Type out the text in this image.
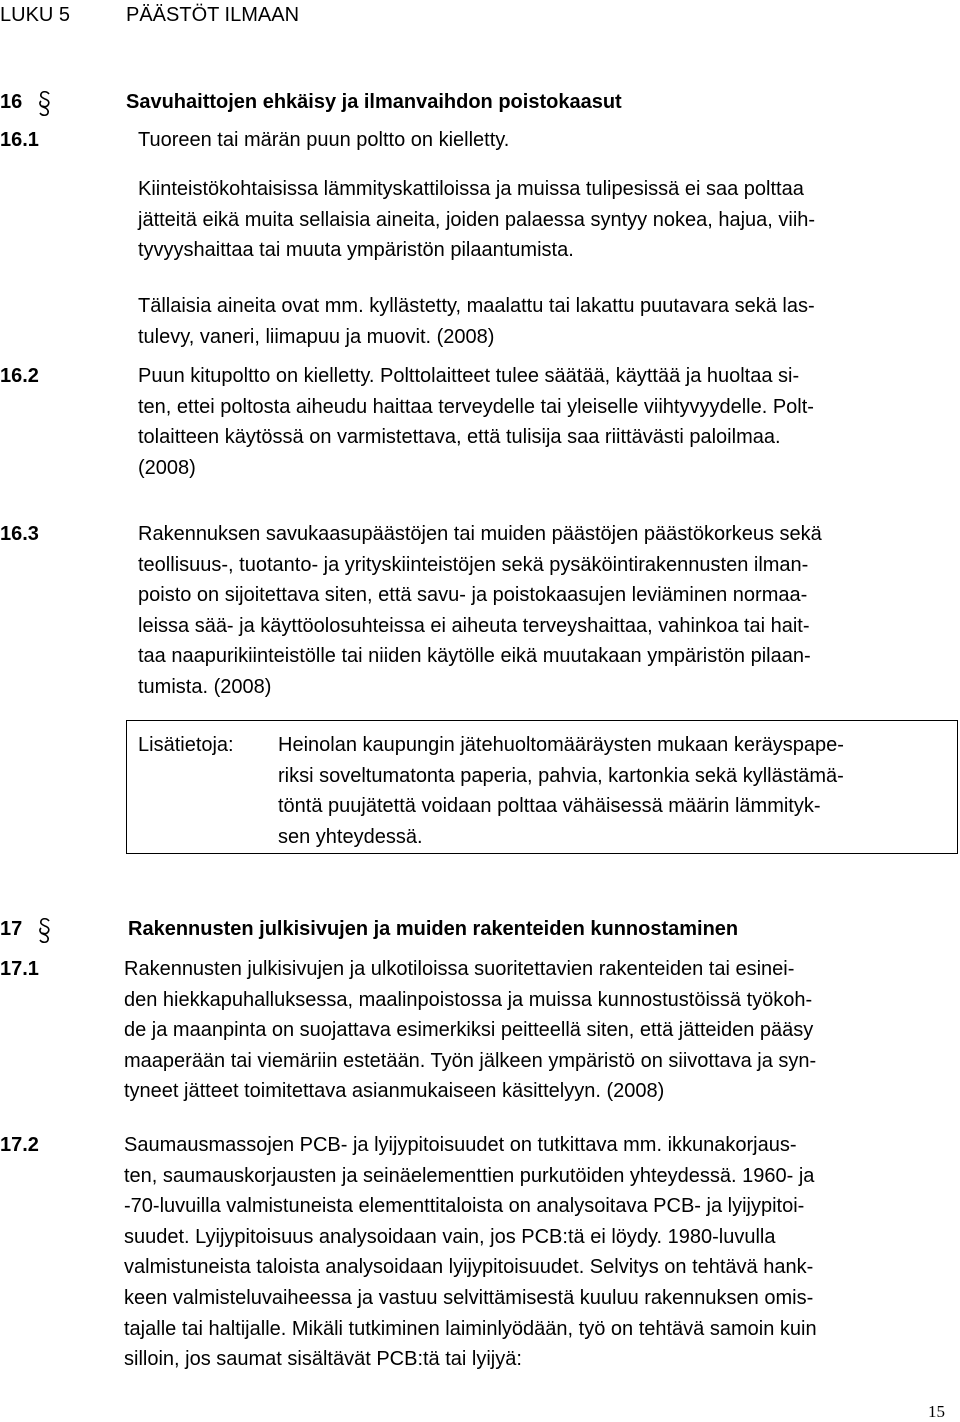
LUKU 5	PÄÄSTÖT ILMAAN
16	Savuhaittojen ehkäisy ja ilmanvaihdon poistokaasut
16.1	Tuoreen tai märän puun poltto on kielletty.
Kiinteistökohtaisissa lämmityskattiloissa ja muissa tulipesissä ei saa polttaa
jätteitä eikä muita sellaisia aineita, joiden palaessa syntyy nokea, hajua, viih-
tyvyyshaittaa tai muuta ympäristön pilaantumista.
Tällaisia aineita ovat mm. kyllästetty, maalattu tai lakattu puutavara sekä las-
tulevy, vaneri, liimapuu ja muovit. (2008)
16.2	Puun kitupoltto on kielletty. Polttolaitteet tulee säätää, käyttää ja huoltaa si-
ten, ettei poltosta aiheudu haittaa terveydelle tai yleiselle viihtyvyydelle. Polt-
tolaitteen käytössä on varmistettava, että tulisija saa riittävästi paloilmaa.
(2008)
16.3	Rakennuksen savukaasupäästöjen tai muiden päästöjen päästökorkeus sekä
teollisuus-, tuotanto- ja yrityskiinteistöjen sekä pysäköintirakennusten ilman-
poisto on sijoitettava siten, että savu- ja poistokaasujen leviäminen normaa-
leissa sää- ja käyttöolosuhteissa ei aiheuta terveyshaittaa, vahinkoa tai hait-
taa naapurikiinteistölle tai niiden käytölle eikä muutakaan ympäristön pilaan-
tumista. (2008)
Lisätietoja: Heinolan kaupungin jätehuoltomääräysten mukaan keräyspape-
riksi soveltumatonta paperia, pahvia, kartonkia sekä kyllästämä-
töntä puujätettä voidaan polttaa vähäisessä määrin lämmityk-
sen yhteydessä.
17	Rakennusten julkisivujen ja muiden rakenteiden kunnostaminen
17.1	Rakennusten julkisivujen ja ulkotiloissa suoritettavien rakenteiden tai esinei-
den hiekkapuhalluksessa, maalinpoistossa ja muissa kunnostustöissä työkoh-
de ja maanpinta on suojattava esimerkiksi peitteellä siten, että jätteiden pääsy
maaperään tai viemäriin estetään. Työn jälkeen ympäristö on siivottava ja syn-
tyneet jätteet toimitettava asianmukaiseen käsittelyyn. (2008)
17.2	Saumausmassojen PCB- ja lyijypitoisuudet on tutkittava mm. ikkunakorjaus-
ten, saumauskorjausten ja seinäelementtien purkutöiden yhteydessä. 1960- ja
-70-luvuilla valmistuneista elementtitaloista on analysoitava PCB- ja lyijypitoi-
suudet. Lyijypitoisuus analysoidaan vain, jos PCB:tä ei löydy. 1980-luvulla
valmistuneista taloista analysoidaan lyijypitoisuudet. Selvitys on tehtävä hank-
keen valmisteluvaiheessa ja vastuu selvittämisestä kuuluu rakennuksen omis-
tajalle tai haltijalle. Mikäli tutkiminen laiminlyödään, työ on tehtävä samoin kuin
silloin, jos saumat sisältävät PCB:tä tai lyijyä:
15
